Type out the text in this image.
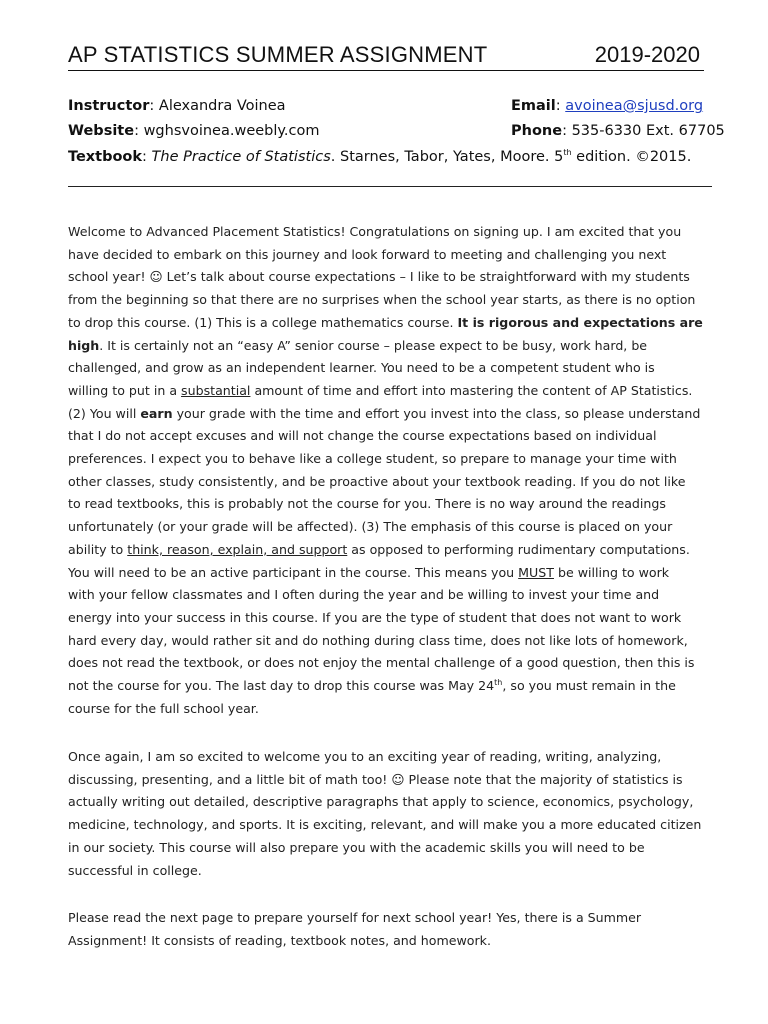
AP STATISTICS SUMMER ASSIGNMENT	2019-2020
Instructor: Alexandra Voinea	Email: avoinea@sjusd.org
Website: wghsvoinea.weebly.com	Phone: 535-6330 Ext. 67705
Textbook: The Practice of Statistics. Starnes, Tabor, Yates, Moore. 5th edition. ©2015.
Welcome to Advanced Placement Statistics! Congratulations on signing up. I am excited that you
have decided to embark on this journey and look forward to meeting and challenging you next
school year! ☺ Let’s talk about course expectations – I like to be straightforward with my students
from the beginning so that there are no surprises when the school year starts, as there is no option
to drop this course. (1) This is a college mathematics course. It is rigorous and expectations are
high. It is certainly not an “easy A” senior course – please expect to be busy, work hard, be
challenged, and grow as an independent learner. You need to be a competent student who is
willing to put in a substantial amount of time and effort into mastering the content of AP Statistics.
(2) You will earn your grade with the time and effort you invest into the class, so please understand
that I do not accept excuses and will not change the course expectations based on individual
preferences. I expect you to behave like a college student, so prepare to manage your time with
other classes, study consistently, and be proactive about your textbook reading. If you do not like
to read textbooks, this is probably not the course for you. There is no way around the readings
unfortunately (or your grade will be affected). (3) The emphasis of this course is placed on your
ability to think, reason, explain, and support as opposed to performing rudimentary computations.
You will need to be an active participant in the course. This means you MUST be willing to work
with your fellow classmates and I often during the year and be willing to invest your time and
energy into your success in this course. If you are the type of student that does not want to work
hard every day, would rather sit and do nothing during class time, does not like lots of homework,
does not read the textbook, or does not enjoy the mental challenge of a good question, then this is
not the course for you. The last day to drop this course was May 24th, so you must remain in the
course for the full school year.
Once again, I am so excited to welcome you to an exciting year of reading, writing, analyzing,
discussing, presenting, and a little bit of math too! ☺ Please note that the majority of statistics is
actually writing out detailed, descriptive paragraphs that apply to science, economics, psychology,
medicine, technology, and sports. It is exciting, relevant, and will make you a more educated citizen
in our society. This course will also prepare you with the academic skills you will need to be
successful in college.
Please read the next page to prepare yourself for next school year! Yes, there is a Summer
Assignment! It consists of reading, textbook notes, and homework.
